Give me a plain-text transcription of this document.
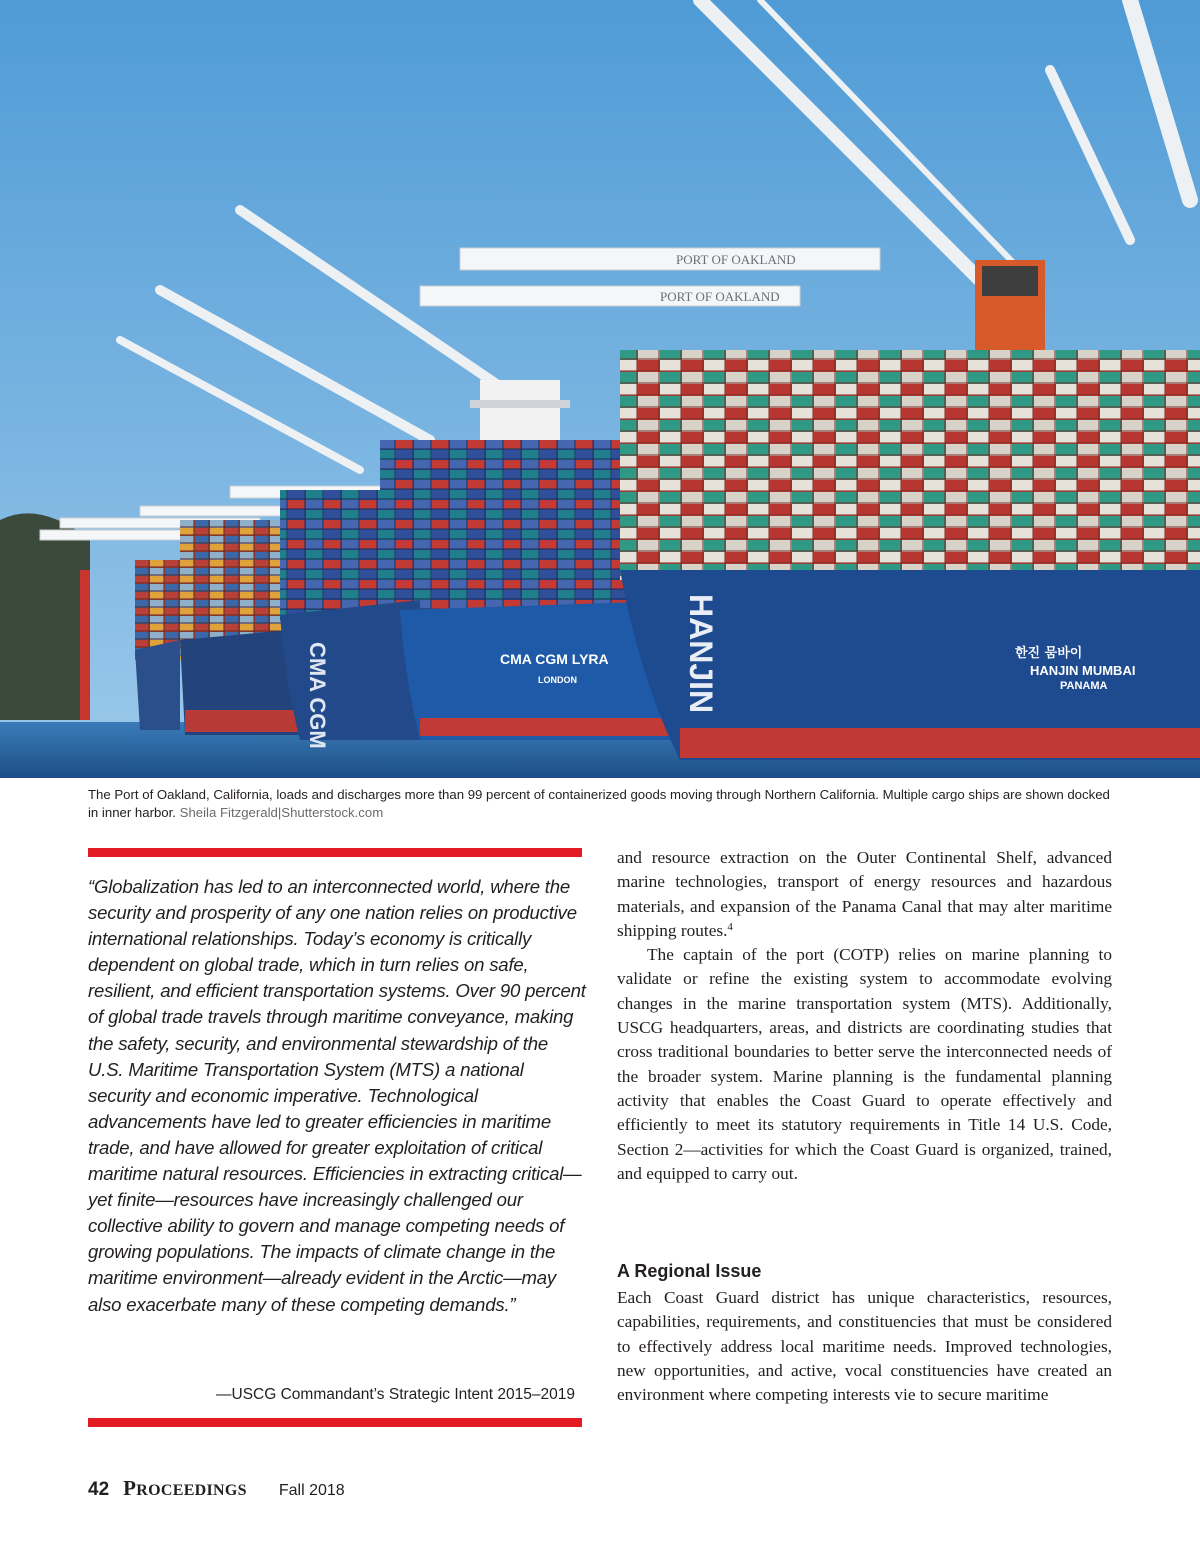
PORT OF OAKLAND
PORT OF OAKLAND
CMA CGM LYRA
LONDON
CMA CGM	HANJIN	한진 뭄바이
HANJIN MUMBAI
PANAMA
The Port of Oakland, California, loads and discharges more than 99 percent of containerized goods moving through Northern California. Multiple cargo ships are shown docked in inner harbor. Sheila Fitzgerald|Shutterstock.com
“Globalization has led to an interconnected world, where the security and prosperity of any one nation relies on productive international relationships. Today’s economy is critically dependent on global trade, which in turn relies on safe, resilient, and efficient transportation systems. Over 90 percent of global trade travels through maritime conveyance, making the safety, security, and environmental stewardship of the U.S. Maritime Transportation System (MTS) a national security and economic imperative. Technological advancements have led to greater efficiencies in maritime trade, and have allowed for greater exploitation of critical maritime natural resources. Efficiencies in extracting critical—yet finite—resources have increasingly challenged our collective ability to govern and manage competing needs of growing populations. The impacts of climate change in the maritime environment—already evident in the Arctic—may also exacerbate many of these competing demands.”
—USCG Commandant’s Strategic Intent 2015–2019

and resource extraction on the Outer Continental Shelf, advanced marine technologies, transport of energy resources and hazardous materials, and expansion of the Panama Canal that may alter maritime shipping routes.$^4$

The captain of the port (COTP) relies on marine planning to validate or refine the existing system to accommodate evolving changes in the marine transportation system (MTS). Additionally, USCG headquarters, areas, and districts are coordinating studies that cross traditional boundaries to better serve the interconnected needs of the broader system. Marine planning is the fundamental planning activity that enables the Coast Guard to operate effectively and efficiently to meet its statutory requirements in Title 14 U.S. Code, Section 2—activities for which the Coast Guard is organized, trained, and equipped to carry out.

A Regional Issue

Each Coast Guard district has unique characteristics, resources, capabilities, requirements, and constituencies that must be considered to effectively address local maritime needs. Improved technologies, new opportunities, and active, vocal constituencies have created an environment where competing interests vie to secure maritime

42 PROCEEDINGS Fall 2018
